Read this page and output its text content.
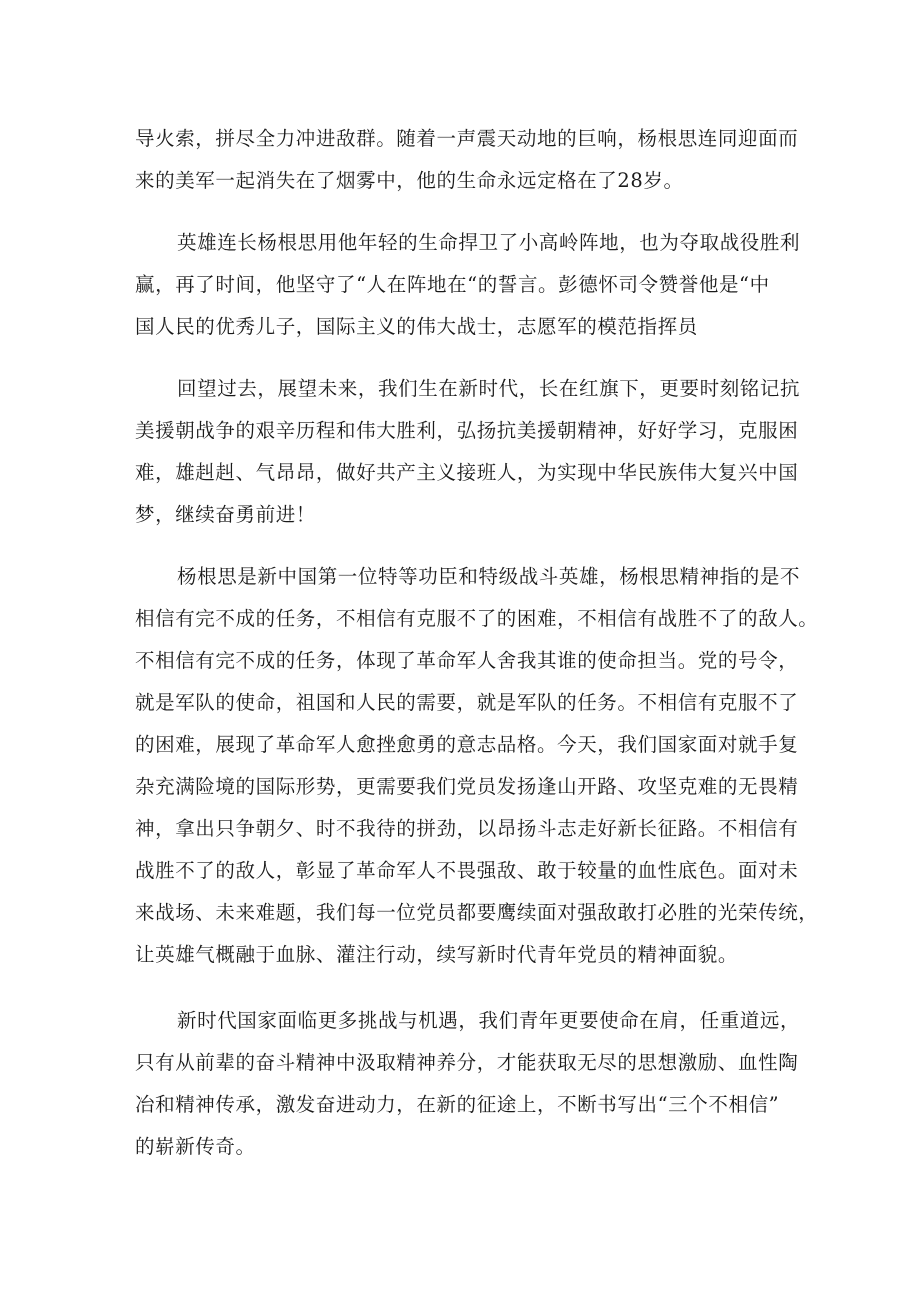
导火索，拼尽全力冲进敌群。随着一声震天动地的巨响，杨根思连同迎面而
来的美军一起消失在了烟雾中，他的生命永远定格在了28岁。

英雄连长杨根思用他年轻的生命捍卫了小高岭阵地，也为夺取战役胜利
赢，再了时间，他坚守了“人在阵地在“的誓言。彭德怀司令赞誉他是“中
国人民的优秀儿子，国际主义的伟大战士，志愿军的模范指挥员

回望过去，展望未来，我们生在新时代，长在红旗下，更要时刻铭记抗
美援朝战争的艰辛历程和伟大胜利，弘扬抗美援朝精神，好好学习，克服困
难，雄赳赳、气昂昂，做好共产主义接班人，为实现中华民族伟大复兴中国
梦，继续奋勇前进！

杨根思是新中国第一位特等功臣和特级战斗英雄，杨根思精神指的是不
相信有完不成的任务，不相信有克服不了的困难，不相信有战胜不了的敌人。
不相信有完不成的任务，体现了革命军人舍我其谁的使命担当。党的号令，
就是军队的使命，祖国和人民的需要，就是军队的任务。不相信有克服不了
的困难，展现了革命军人愈挫愈勇的意志品格。今天，我们国家面对就手复
杂充满险境的国际形势，更需要我们党员发扬逢山开路、攻坚克难的无畏精
神，拿出只争朝夕、时不我待的拼劲，以昂扬斗志走好新长征路。不相信有
战胜不了的敌人，彰显了革命军人不畏强敌、敢于较量的血性底色。面对未
来战场、未来难题，我们每一位党员都要鹰续面对强敌敢打必胜的光荣传统，
让英雄气概融于血脉、灌注行动，续写新时代青年党员的精神面貌。

新时代国家面临更多挑战与机遇，我们青年更要使命在肩，任重道远，
只有从前辈的奋斗精神中汲取精神养分，才能获取无尽的思想激励、血性陶
冶和精神传承，激发奋进动力，在新的征途上，不断书写出“三个不相信”
的崭新传奇。
